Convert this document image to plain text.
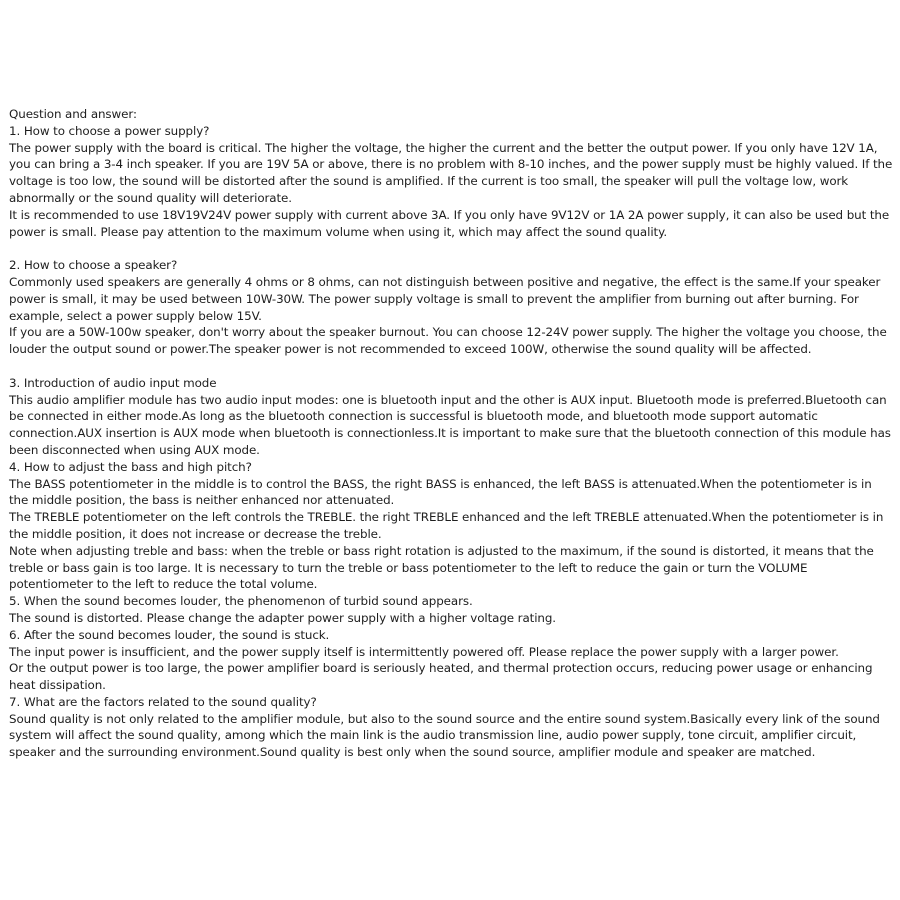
Question and answer:

1. How to choose a power supply?

The power supply with the board is critical. The higher the voltage, the higher the current and the better the output power. If you only have 12V 1A, you can bring a 3-4 inch speaker. If you are 19V 5A or above, there is no problem with 8-10 inches, and the power supply must be highly valued. If the voltage is too low, the sound will be distorted after the sound is amplified. If the current is too small, the speaker will pull the voltage low, work abnormally or the sound quality will deteriorate.

It is recommended to use 18V19V24V power supply with current above 3A. If you only have 9V12V or 1A 2A power supply, it can also be used but the power is small. Please pay attention to the maximum volume when using it, which may affect the sound quality.

2. How to choose a speaker?

Commonly used speakers are generally 4 ohms or 8 ohms, can not distinguish between positive and negative, the effect is the same.If your speaker power is small, it may be used between 10W-30W. The power supply voltage is small to prevent the amplifier from burning out after burning. For example, select a power supply below 15V.

If you are a 50W-100w speaker, don't worry about the speaker burnout. You can choose 12-24V power supply. The higher the voltage you choose, the louder the output sound or power.The speaker power is not recommended to exceed 100W, otherwise the sound quality will be affected.

3. Introduction of audio input mode

This audio amplifier module has two audio input modes: one is bluetooth input and the other is AUX input. Bluetooth mode is preferred.Bluetooth can be connected in either mode.As long as the bluetooth connection is successful is bluetooth mode, and bluetooth mode support automatic connection.AUX insertion is AUX mode when bluetooth is connectionless.It is important to make sure that the bluetooth connection of this module has been disconnected when using AUX mode.

4. How to adjust the bass and high pitch?

The BASS potentiometer in the middle is to control the BASS, the right BASS is enhanced, the left BASS is attenuated.When the potentiometer is in the middle position, the bass is neither enhanced nor attenuated.

The TREBLE potentiometer on the left controls the TREBLE. the right TREBLE enhanced and the left TREBLE attenuated.When the potentiometer is in the middle position, it does not increase or decrease the treble.

Note when adjusting treble and bass: when the treble or bass right rotation is adjusted to the maximum, if the sound is distorted, it means that the treble or bass gain is too large. It is necessary to turn the treble or bass potentiometer to the left to reduce the gain or turn the VOLUME potentiometer to the left to reduce the total volume.

5. When the sound becomes louder, the phenomenon of turbid sound appears.

The sound is distorted. Please change the adapter power supply with a higher voltage rating.

6. After the sound becomes louder, the sound is stuck.

The input power is insufficient, and the power supply itself is intermittently powered off. Please replace the power supply with a larger power.

Or the output power is too large, the power amplifier board is seriously heated, and thermal protection occurs, reducing power usage or enhancing heat dissipation.

7. What are the factors related to the sound quality?

Sound quality is not only related to the amplifier module, but also to the sound source and the entire sound system.Basically every link of the sound system will affect the sound quality, among which the main link is the audio transmission line, audio power supply, tone circuit, amplifier circuit, speaker and the surrounding environment.Sound quality is best only when the sound source, amplifier module and speaker are matched.
